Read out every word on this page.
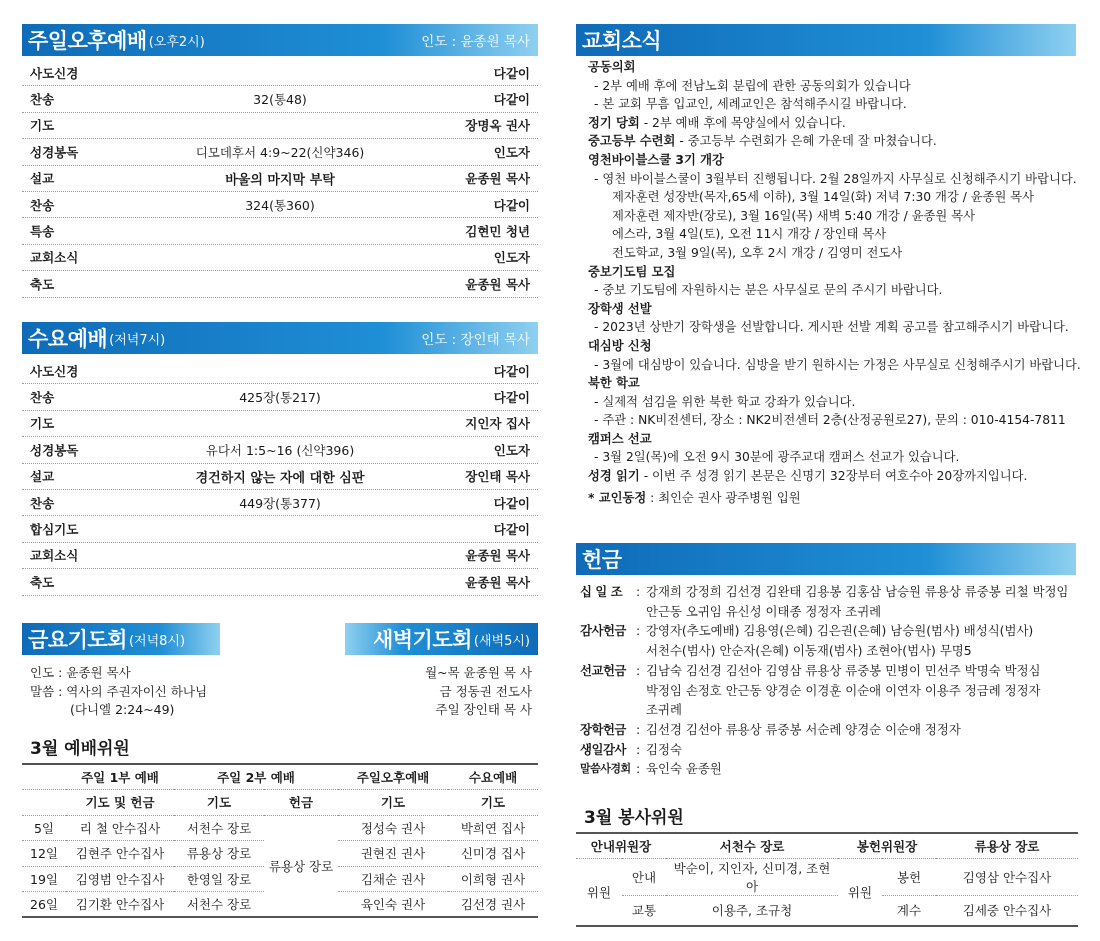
주일오후예배 (오후2시)	인도 : 윤종원 목사
사도신경	다같이
찬송	32(통48)	다같이
기도	장명옥 권사
성경봉독	디모데후서 4:9~22(신약346)	인도자
설교	바울의 마지막 부탁	윤종원 목사
찬송	324(통360)	다같이
특송	김현민 청년
교회소식	인도자
축도	윤종원 목사
수요예배 (저녁7시)	인도 : 장인태 목사
사도신경	다같이
찬송	425장(통217)	다같이
기도	지인자 집사
성경봉독	유다서 1:5~16 (신약396)	인도자
설교	경건하지 않는 자에 대한 심판	장인태 목사
찬송	449장(통377)	다같이
합심기도	다같이
교회소식	윤종원 목사
축도	윤종원 목사
금요기도회 (저녁8시)	새벽기도회 (새벽5시)
인도 : 윤종원 목사
말씀 : 역사의 주권자이신 하나님
(다니엘 2:24~49)
월~목 윤종원 목 사
금 정동권 전도사
주일 장인태 목 사
3월 예배위원
	주일 1부 예배	주일 2부 예배		주일오후예배	수요예배
	기도 및 헌금	기도	헌금	기도	기도
5일	리 철 안수집사	서천수 장로	류용상 장로	정성숙 권사	박희연 집사
12일	김현주 안수집사	류용상 장로		권현진 권사	신미경 집사
19일	김영범 안수집사	한영일 장로		김채순 권사	이희형 권사
26일	김기환 안수집사	서천수 장로		육인숙 권사	김선경 권사
교회소식
공동의회
- 2부 예배 후에 전남노회 분립에 관한 공동의회가 있습니다
- 본 교회 무흠 입교인, 세례교인은 참석해주시길 바랍니다.
정기 당회 - 2부 예배 후에 목양실에서 있습니다.
중고등부 수련회 - 중고등부 수련회가 은혜 가운데 잘 마쳤습니다.
영천바이블스쿨 3기 개강
- 영천 바이블스쿨이 3월부터 진행됩니다. 2월 28일까지 사무실로 신청해주시기 바랍니다.
제자훈련 성장반(목자,65세 이하), 3월 14일(화) 저녁 7:30 개강 / 윤종원 목사
제자훈련 제자반(장로), 3월 16일(목) 새벽 5:40 개강 / 윤종원 목사
에스라, 3월 4일(토), 오전 11시 개강 / 장인태 목사
전도학교, 3월 9일(목), 오후 2시 개강 / 김영미 전도사
중보기도팀 모집
- 중보 기도팀에 자원하시는 분은 사무실로 문의 주시기 바랍니다.
장학생 선발
- 2023년 상반기 장학생을 선발합니다. 게시판 선발 계획 공고를 참고해주시기 바랍니다.
대심방 신청
- 3월에 대심방이 있습니다. 심방을 받기 원하시는 가정은 사무실로 신청해주시기 바랍니다.
북한 학교
- 실제적 섬김을 위한 북한 학교 강좌가 있습니다.
- 주관 : NK비전센터, 장소 : NK2비전센터 2층(산정공원로27), 문의 : 010-4154-7811
캠퍼스 선교
- 3월 2일(목)에 오전 9시 30분에 광주교대 캠퍼스 선교가 있습니다.
성경 읽기 - 이번 주 성경 읽기 본문은 신명기 32장부터 여호수아 20장까지입니다.
* 교인동정 : 최인순 권사 광주병원 입원
헌금
십 일 조	: 강재희 강정희 김선경 김완태 김용봉 김홍삼 남승원 류용상 류중봉 리철 박정임
안근동 오귀임 유신성 이태종 정정자 조귀례
감사헌금 : 강영자(추도예배) 김용영(은혜) 김은권(은혜) 남승원(범사) 배성식(범사)
서천수(범사) 안순자(은혜) 이동재(범사) 조현아(범사) 무명5
선교헌금 : 김남숙 김선경 김선아 김영삼 류용상 류중봉 민병이 민선주 박명숙 박정심
박정임 손정호 안근동 양경순 이경훈 이순애 이연자 이용주 정금례 정정자
조귀례
장학헌금 : 김선경 김선아 류용상 류중봉 서순례 양경순 이순애 정정자
생일감사 : 김정숙
말씀사경회 : 육인숙 윤종원
3월 봉사위원
안내위원장		서천수 장로	봉헌위원장		류용상 장로
위원	안내	박순이, 지인자, 신미경, 조현아	위원	봉헌	김영삼 안수집사
	교통	이용주, 조규청		계수	김세중 안수집사
